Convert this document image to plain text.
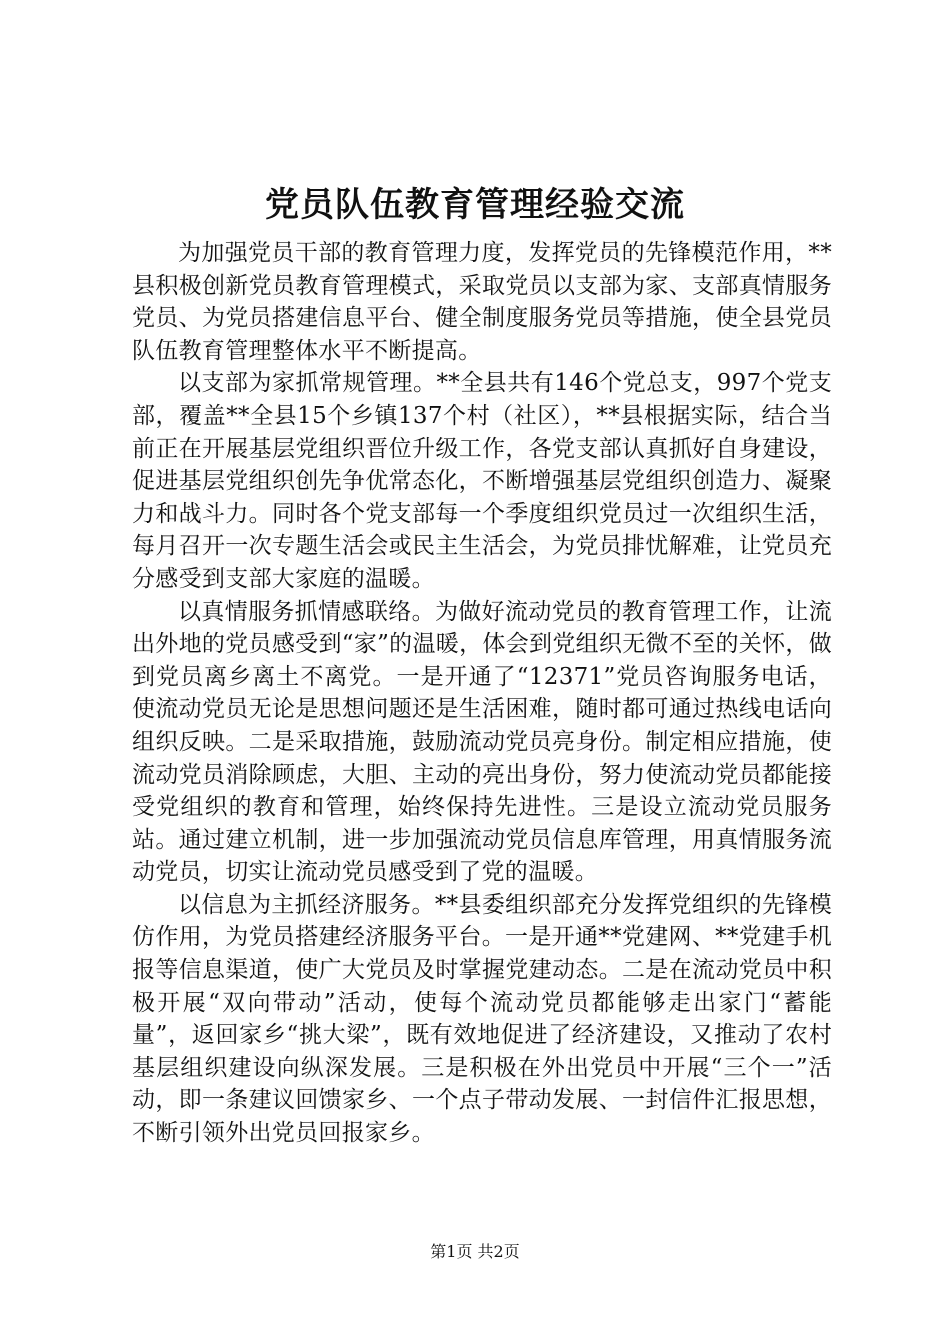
党员队伍教育管理经验交流

为加强党员干部的教育管理力度，发挥党员的先锋模范作用，**县积极创新党员教育管理模式，采取党员以支部为家、支部真情服务党员、为党员搭建信息平台、健全制度服务党员等措施，使全县党员队伍教育管理整体水平不断提高。

以支部为家抓常规管理。**全县共有146个党总支，997个党支部，覆盖**全县15个乡镇137个村（社区），**县根据实际，结合当前正在开展基层党组织晋位升级工作，各党支部认真抓好自身建设，促进基层党组织创先争优常态化，不断增强基层党组织创造力、凝聚力和战斗力。同时各个党支部每一个季度组织党员过一次组织生活，每月召开一次专题生活会或民主生活会，为党员排忧解难，让党员充分感受到支部大家庭的温暖。

以真情服务抓情感联络。为做好流动党员的教育管理工作，让流出外地的党员感受到“家”的温暖，体会到党组织无微不至的关怀，做到党员离乡离土不离党。一是开通了“12371”党员咨询服务电话，使流动党员无论是思想问题还是生活困难，随时都可通过热线电话向组织反映。二是采取措施，鼓励流动党员亮身份。制定相应措施，使流动党员消除顾虑，大胆、主动的亮出身份，努力使流动党员都能接受党组织的教育和管理，始终保持先进性。三是设立流动党员服务站。通过建立机制，进一步加强流动党员信息库管理，用真情服务流动党员，切实让流动党员感受到了党的温暖。

以信息为主抓经济服务。**县委组织部充分发挥党组织的先锋模仿作用，为党员搭建经济服务平台。一是开通**党建网、**党建手机报等信息渠道，使广大党员及时掌握党建动态。二是在流动党员中积极开展“双向带动”活动，使每个流动党员都能够走出家门“蓄能量”，返回家乡“挑大梁”，既有效地促进了经济建设，又推动了农村基层组织建设向纵深发展。三是积极在外出党员中开展“三个一”活动，即一条建议回馈家乡、一个点子带动发展、一封信件汇报思想，不断引领外出党员回报家乡。

第1页 共2页
